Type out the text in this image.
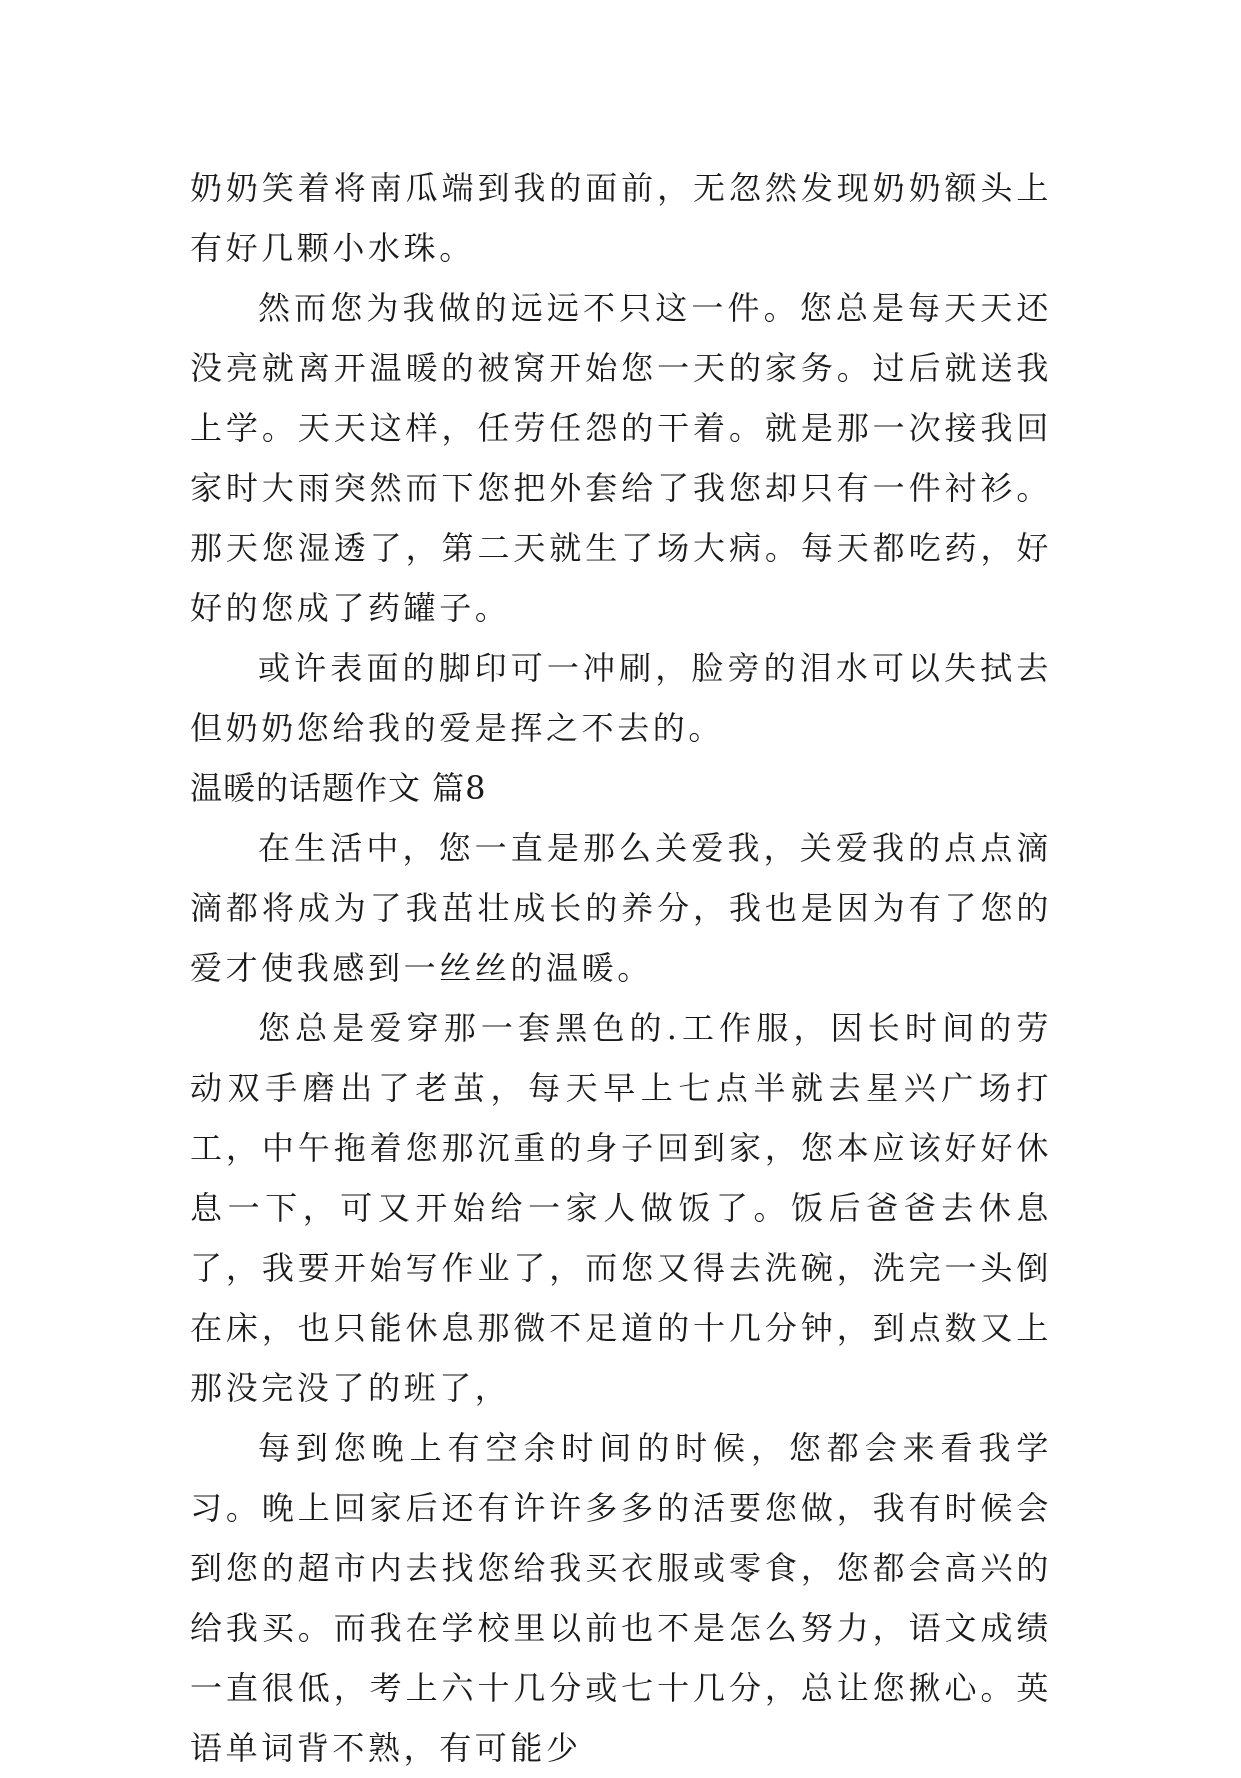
奶奶笑着将南瓜端到我的面前，无忽然发现奶奶额头上有好几颗小水珠。

然而您为我做的远远不只这一件。您总是每天天还没亮就离开温暖的被窝开始您一天的家务。过后就送我上学。天天这样，任劳任怨的干着。就是那一次接我回家时大雨突然而下您把外套给了我您却只有一件衬衫。那天您湿透了，第二天就生了场大病。每天都吃药，好好的您成了药罐子。

或许表面的脚印可一冲刷，脸旁的泪水可以失拭去但奶奶您给我的爱是挥之不去的。

温暖的话题作文 篇8

在生活中，您一直是那么关爱我，关爱我的点点滴滴都将成为了我茁壮成长的养分，我也是因为有了您的爱才使我感到一丝丝的温暖。

您总是爱穿那一套黑色的.工作服，因长时间的劳动双手磨出了老茧，每天早上七点半就去星兴广场打工，中午拖着您那沉重的身子回到家，您本应该好好休息一下，可又开始给一家人做饭了。饭后爸爸去休息了，我要开始写作业了，而您又得去洗碗，洗完一头倒在床，也只能休息那微不足道的十几分钟，到点数又上那没完没了的班了，

每到您晚上有空余时间的时候，您都会来看我学习。晚上回家后还有许许多多的活要您做，我有时候会到您的超市内去找您给我买衣服或零食，您都会高兴的给我买。而我在学校里以前也不是怎么努力，语文成绩一直很低，考上六十几分或七十几分，总让您揪心。英语单词背不熟，有可能少
